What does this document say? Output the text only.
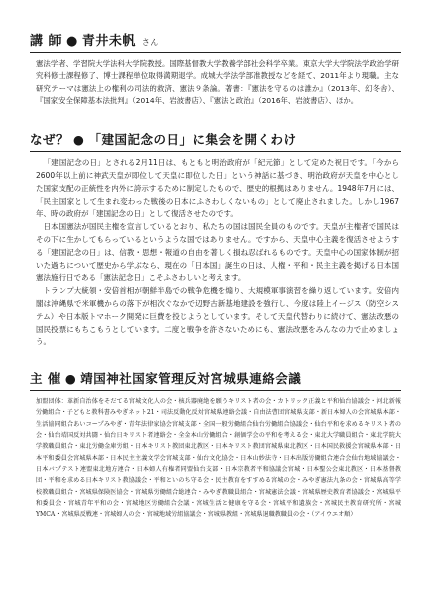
講 師 ● 青井未帆 さん
憲法学者、学習院大学法科大学院教授。国際基督教大学教養学部社会科学卒業。東京大学大学院法学政治学研究科修士課程修了、博士課程単位取得満期退学。成城大学法学部准教授などを経て、2011年より現職。主な研究テーマは憲法上の権利の司法的救済、憲法９条論。著書：『憲法を守るのは誰か』（2013年、幻冬舎）、『国家安全保障基本法批判』（2014年、岩波書店）、『憲法と政治』（2016年、岩波書店）、ほか。
なぜ？ ● 「建国記念の日」に集会を開くわけ

「建国記念の日」とされる2月11日は、もともと明治政府が「紀元節」として定めた祝日です。「今から2600年以上前に神武天皇が即位して天皇に即位した日」という神話に基づき、明治政府が天皇を中心とした国家支配の正統性を内外に誇示するために制定したもので、歴史的根拠はありません。1948年7月には、「民主国家として生まれ変わった戦後の日本にふさわしくないもの」として廃止されました。しかし1967年、時の政府が「建国記念の日」として復活させたのです。

日本国憲法が国民主権を宣言しているとおり、私たちの国は国民全員のものです。天皇が主権者で国民はその下に生かしてもらっているというような国ではありません。ですから、天皇中心主義を復活させようする「建国記念の日」は、信教・思想・報道の自由を著しく損ね忍ばれるものです。天皇中心の国家体制が招いた過ちについて歴史から学ぶなら、現在の「日本国」誕生の日は、人権・平和・民主主義を掲げる日本国憲法施行日である「憲法記念日」こそふさわしいと考えます。

トランプ大統領・安倍首相が朝鮮半島での戦争危機を煽り、大規模軍事演習を繰り返しています。安倍内閣は沖縄県で米軍機からの落下が相次ぐなかで辺野古新基地建設を強行し、今度は陸上イージス（防空システム）や日本版トマホーク開発に巨費を投じようとしています。そして天皇代替わりに続けて、憲法改悪の国民投票にもちこもうとしています。二度と戦争を許さないためにも、憲法改悪をみんなの力で止めましょう。

主 催 ● 靖国神社国家管理反対宮城県連絡会議
加盟団体：革新自治体をそだてる宮城文化人の会・核兵器廃絶を願うキリスト者の会・カトリック正義と平和仙台協議会・河北新報労働組合・子どもと教科書みやぎネット21・司法反動化反対宮城県連絡会議・自由法曹団宮城県支部・新日本婦人の会宮城県本部・生活協同組合あいコープみやぎ・青年法律家協会宮城支部・全国一般労働組合仙台労働組合協議会・仙台平和を求めるキリスト者の会・仙台靖国反対共闘・仙台日キリスト者連絡会・全金本山労働組合・創価学会の平和を考える会・東北大学職員組合・東北学院大学教職員組合・東北労働金庫労組・日本キリスト教団東北教区・日本キリスト教団宮城県東北教区・日本国民救援会宮城県本部・日本平和委員会宮城県本部・日本民主主義文学会宮城支部・仙台文化協会・日本山妙法寺・日本出版労働組合連合会仙台地域協議会・日本バプテスト連盟東北地方連合・日本婦人有権者同盟仙台支部・日本宗教者平和協議会宮城・日本聖公会東北教区・日本基督教団・平和を求める日本キリスト教協議会・平和といのち守る会・民主教育をすすめる宮城の会・みやぎ憲法九条の会・宮城県高等学校教職員組合・宮城県保険医協会・宮城県労働組合総連合・みやぎ教職員組合・宮城憲法会議・宮城県歴史教育者協議会・宮城県平和委員会・宮城青年平和の会・宮城地区労働組合会議・宮城生活と健康を守る会・宮城平和遺族会・宮城民主教育研究所・宮城YMCA・宮城県反戦連・宮城婦人の会・宮城地域労組協議会・宮城県教組・宮城県退職教職員の会・（アイウエオ順）
